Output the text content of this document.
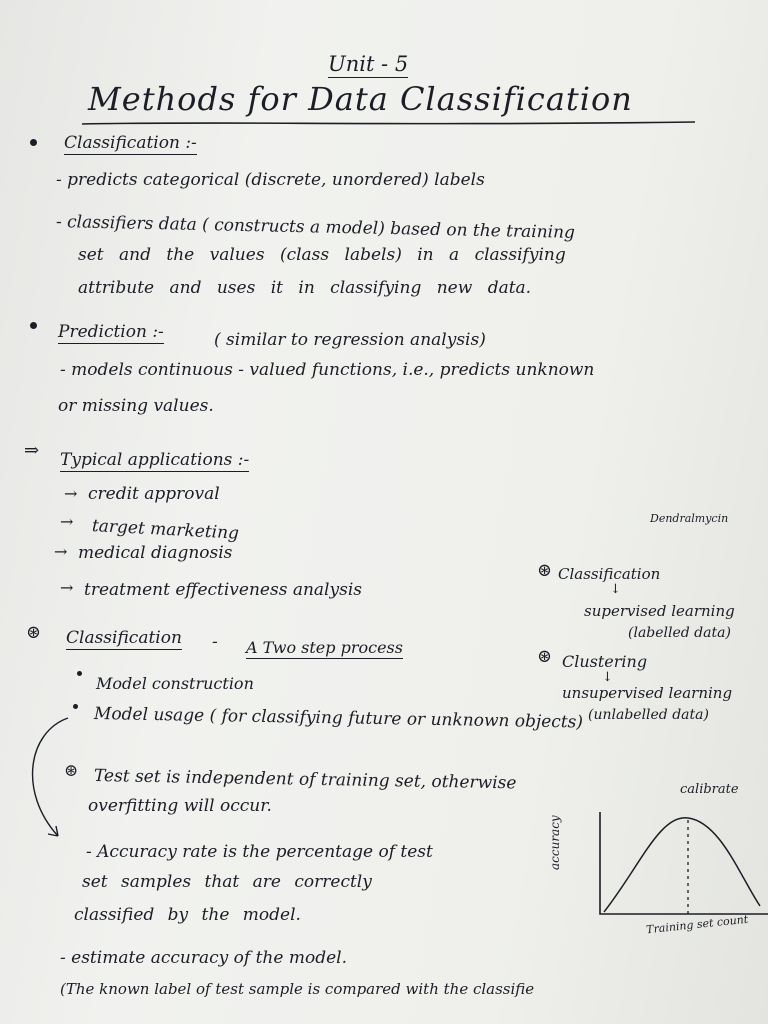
Unit - 5
Methods for Data Classification
Classification :-
- predicts categorical (discrete, unordered) labels
- classifiers data ( constructs a model) based on the training
set and the values (class labels) in a classifying
attribute and uses it in classifying new data.
Prediction :-	( similar to regression analysis)
- models continuous - valued functions, i.e., predicts unknown
or missing values.
⇒ Typical applications :-
→ credit approval
→ target marketing
→ medical diagnosis
→ treatment effectiveness analysis
Dendralmycin
⊛ Classification
↓
supervised learning
(labelled data)
⊛ Clustering
↓
unsupervised learning
(unlabelled data)
⊛ Classification - A Two step process
Model construction
Model usage ( for classifying future or unknown objects)
⊛ Test set is independent of training set, otherwise	calibrate
overfitting will occur.
- Accuracy rate is the percentage of test
set samples that are correctly
classified by the model.
- estimate accuracy of the model.
(The known label of test sample is compared with the classifie
accuracy
Training set count
